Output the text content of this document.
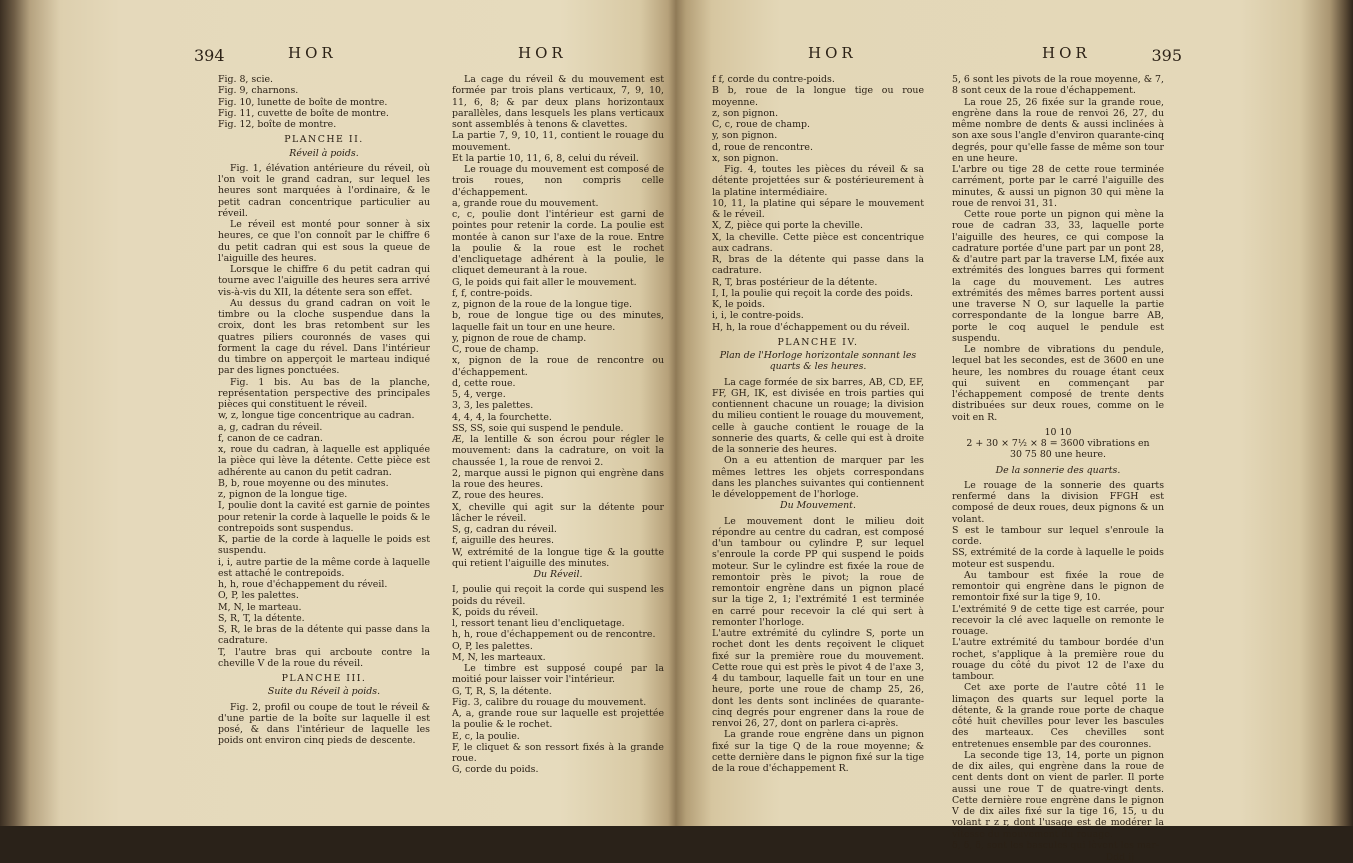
394	HOR	HOR

Fig. 8, scie.

Fig. 9, charnons.

Fig. 10, lunette de boîte de montre.

Fig. 11, cuvette de boîte de montre.

Fig. 12, boîte de montre.

PLANCHE II.

Réveil à poids.

Fig. 1, élévation antérieure du réveil, où l'on voit le grand cadran, sur lequel les heures sont marquées à l'ordinaire, & le petit cadran concentrique particulier au réveil.

Le réveil est monté pour sonner à six heures, ce que l'on connoît par le chiffre 6 du petit cadran qui est sous la queue de l'aiguille des heures.

Lorsque le chiffre 6 du petit cadran qui tourne avec l'aiguille des heures sera arrivé vis-à-vis du XII, la détente sera son effet.

Au dessus du grand cadran on voit le timbre ou la cloche suspendue dans la croix, dont les bras retombent sur les quatres piliers couronnés de vases qui forment la cage du rével. Dans l'intérieur du timbre on apperçoit le marteau indiqué par des lignes ponctuées.

Fig. 1 bis. Au bas de la planche, représentation perspective des principales pièces qui constituent le réveil.

w, z, longue tige concentrique au cadran.

a, g, cadran du réveil.

f, canon de ce cadran.

x, roue du cadran, à laquelle est appliquée la pièce qui lève la détente. Cette pièce est adhérente au canon du petit cadran.

B, b, roue moyenne ou des minutes.

z, pignon de la longue tige.

I, poulie dont la cavité est garnie de pointes pour retenir la corde à laquelle le poids & le contrepoids sont suspendus.

K, partie de la corde à laquelle le poids est suspendu.

i, i, autre partie de la même corde à laquelle est attaché le contrepoids.

h, h, roue d'échappement du réveil.

O, P, les palettes.

M, N, le marteau.

S, R, T, la détente.

S, R, le bras de la détente qui passe dans la cadrature.

T, l'autre bras qui arcboute contre la cheville V de la roue du réveil.

PLANCHE III.

Suite du Réveil à poids.

Fig. 2, profil ou coupe de tout le réveil & d'une partie de la boîte sur laquelle il est posé, & dans l'intérieur de laquelle les poids ont environ cinq pieds de descente.

La cage du réveil & du mouvement est formée par trois plans verticaux, 7, 9, 10, 11, 6, 8; & par deux plans horizontaux parallèles, dans lesquels les plans verticaux sont assemblés à tenons & clavettes.

La partie 7, 9, 10, 11, contient le rouage du mouvement.

Et la partie 10, 11, 6, 8, celui du réveil.

Le rouage du mouvement est composé de trois roues, non compris celle d'échappement.

a, grande roue du mouvement.

c, c, poulie dont l'intérieur est garni de pointes pour retenir la corde. La poulie est montée à canon sur l'axe de la roue. Entre la poulie & la roue est le rochet d'encliquetage adhérent à la poulie, le cliquet demeurant à la roue.

G, le poids qui fait aller le mouvement.

f, f, contre-poids.

z, pignon de la roue de la longue tige.

b, roue de longue tige ou des minutes, laquelle fait un tour en une heure.

y, pignon de roue de champ.

C, roue de champ.

x, pignon de la roue de rencontre ou d'échappement.

d, cette roue.

5, 4, verge.

3, 3, les palettes.

4, 4, 4, la fourchette.

SS, SS, soie qui suspend le pendule.

Æ, la lentille & son écrou pour régler le mouvement: dans la cadrature, on voit la chaussée 1, la roue de renvoi 2.

2, marque aussi le pignon qui engrène dans la roue des heures.

Z, roue des heures.

X, cheville qui agit sur la détente pour lâcher le réveil.

S, g, cadran du réveil.

f, aiguille des heures.

W, extrémité de la longue tige & la goutte qui retient l'aiguille des minutes.

Du Réveil.

I, poulie qui reçoit la corde qui suspend les poids du réveil.

K, poids du réveil.

l, ressort tenant lieu d'encliquetage.

h, h, roue d'échappement ou de rencontre.

O, P, les palettes.

M, N, les marteaux.

Le timbre est supposé coupé par la moitié pour laisser voir l'intérieur.

G, T, R, S, la détente.

Fig. 3, calibre du rouage du mouvement.

A, a, grande roue sur laquelle est projettée la poulie & le rochet.

E, c, la poulie.

F, le cliquet & son ressort fixés à la grande roue.

G, corde du poids.

HOR	HOR	395

f f, corde du contre-poids.

B b, roue de la longue tige ou roue moyenne.

z, son pignon.

C, c, roue de champ.

y, son pignon.

d, roue de rencontre.

x, son pignon.

Fig. 4, toutes les pièces du réveil & sa détente projettées sur & postérieurement à la platine intermédiaire.

10, 11, la platine qui sépare le mouvement & le réveil.

X, Z, pièce qui porte la cheville.

X, la cheville. Cette pièce est concentrique aux cadrans.

R, bras de la détente qui passe dans la cadrature.

R, T, bras postérieur de la détente.

I, I, la poulie qui reçoit la corde des poids.

K, le poids.

i, i, le contre-poids.

H, h, la roue d'échappement ou du réveil.

PLANCHE IV.

Plan de l'Horloge horizontale sonnant les quarts & les heures.

La cage formée de six barres, AB, CD, EF, FF, GH, IK, est divisée en trois parties qui contiennent chacune un rouage; la division du milieu contient le rouage du mouvement, celle à gauche contient le rouage de la sonnerie des quarts, & celle qui est à droite de la sonnerie des heures.

On a eu attention de marquer par les mêmes lettres les objets correspondans dans les planches suivantes qui contiennent le développement de l'horloge.

Du Mouvement.

Le mouvement dont le milieu doit répondre au centre du cadran, est composé d'un tambour ou cylindre P, sur lequel s'enroule la corde PP qui suspend le poids moteur. Sur le cylindre est fixée la roue de remontoir près le pivot; la roue de remontoir engrène dans un pignon placé sur la tige 2, 1; l'extrémité 1 est terminée en carré pour recevoir la clé qui sert à remonter l'horloge.

L'autre extrémité du cylindre S, porte un rochet dont les dents reçoivent le cliquet fixé sur la première roue du mouvement. Cette roue qui est près le pivot 4 de l'axe 3, 4 du tambour, laquelle fait un tour en une heure, porte une roue de champ 25, 26, dont les dents sont inclinées de quarante-cinq degrés pour engrener dans la roue de renvoi 26, 27, dont on parlera ci-après.

La grande roue engrène dans un pignon fixé sur la tige Q de la roue moyenne; & cette dernière dans le pignon fixé sur la tige de la roue d'échappement R.

5, 6 sont les pivots de la roue moyenne, & 7, 8 sont ceux de la roue d'échappement.

La roue 25, 26 fixée sur la grande roue, engrène dans la roue de renvoi 26, 27, du même nombre de dents & aussi inclinées à son axe sous l'angle d'environ quarante-cinq degrés, pour qu'elle fasse de même son tour en une heure.

L'arbre ou tige 28 de cette roue terminée carrément, porte par le carré l'aiguille des minutes, & aussi un pignon 30 qui mène la roue de renvoi 31, 31.

Cette roue porte un pignon qui mène la roue de cadran 33, 33, laquelle porte l'aiguille des heures, ce qui compose la cadrature portée d'une part par un pont 28, & d'autre part par la traverse LM, fixée aux extrémités des longues barres qui forment la cage du mouvement. Les autres extrémités des mêmes barres portent aussi une traverse N O, sur laquelle la partie correspondante de la longue barre AB, porte le coq auquel le pendule est suspendu.

Le nombre de vibrations du pendule, lequel bat les secondes, est de 3600 en une heure, les nombres du rouage étant ceux qui suivent en commençant par l'échappement composé de trente dents distribuées sur deux roues, comme on le voit en R.

10 10
2 + 30 × 7½ × 8 = 3600 vibrations en
30 75 80 une heure.

De la sonnerie des quarts.

Le rouage de la sonnerie des quarts renfermé dans la division FFGH est composé de deux roues, deux pignons & un volant.

S est le tambour sur lequel s'enroule la corde.

SS, extrémité de la corde à laquelle le poids moteur est suspendu.

Au tambour est fixée la roue de remontoir qui engrène dans le pignon de remontoir fixé sur la tige 9, 10.

L'extrémité 9 de cette tige est carrée, pour recevoir la clé avec laquelle on remonte le rouage.

L'autre extrémité du tambour bordée d'un rochet, s'applique à la première roue du rouage du côté du pivot 12 de l'axe du tambour.

Cet axe porte de l'autre côté 11 le limaçon des quarts sur lequel porte la détente, & la grande roue porte de chaque côté huit chevilles pour lever les bascules des marteaux. Ces chevilles sont entretenues ensemble par des couronnes.

La seconde tige 13, 14, porte un pignon de dix ailes, qui engrène dans la roue de cent dents dont on vient de parler. Il porte aussi une roue T de quatre-vingt dents. Cette dernière roue engrène dans le pignon V de dix ailes fixé sur la tige 16, 15, u du volant r z r, dont l'usage est de modérer la vitesse du mouvement du rouage.

δ, δ, δ, sont les bascules qui lèvent les mar-

Ddd ij
